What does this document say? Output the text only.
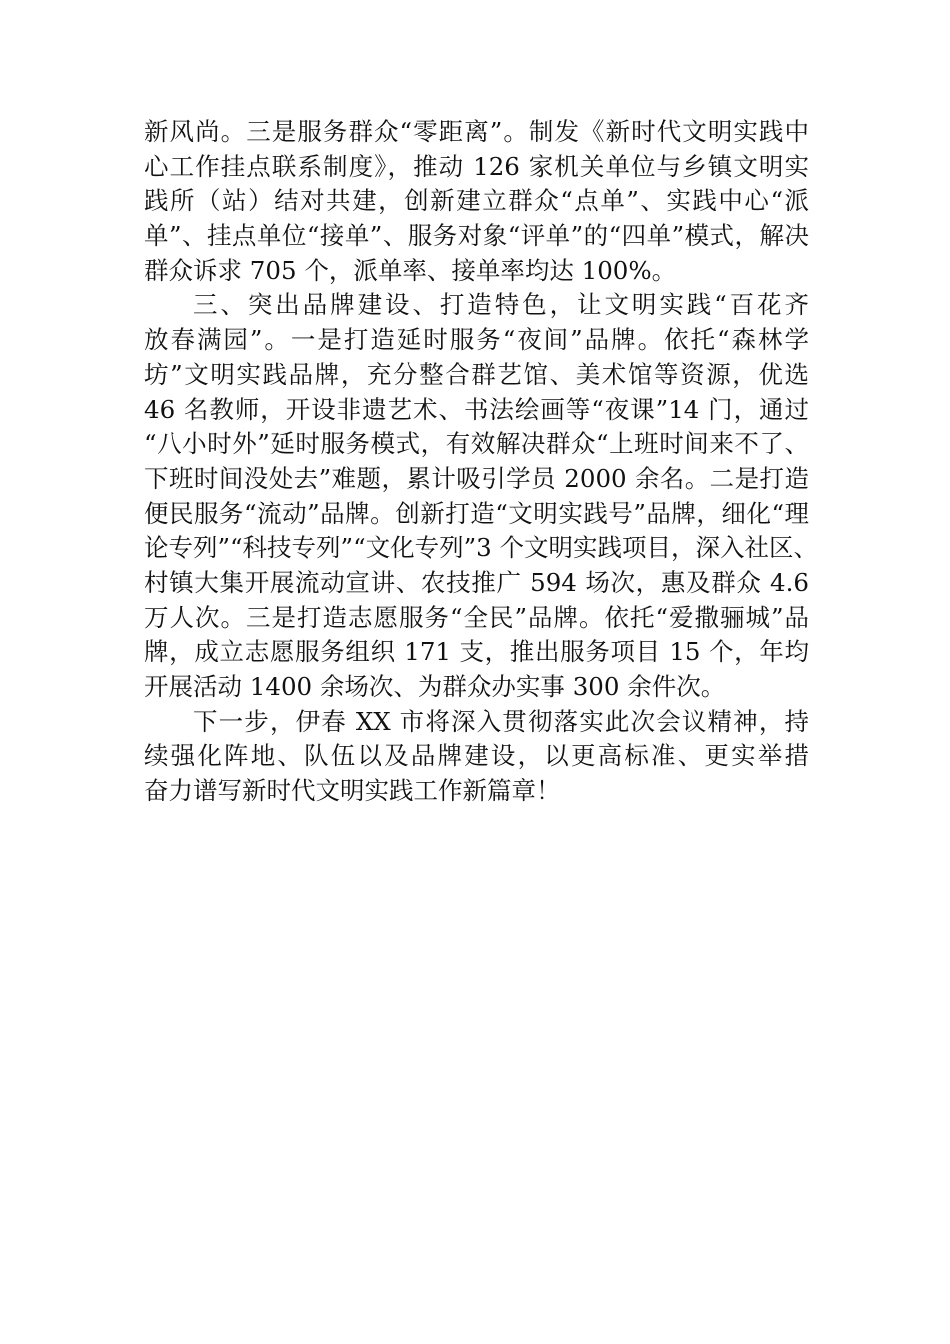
新风尚。三是服务群众“零距离”。制发《新时代文明实践中
心工作挂点联系制度》，推动 126 家机关单位与乡镇文明实
践所（站）结对共建，创新建立群众“点单”、实践中心“派
单”、挂点单位“接单”、服务对象“评单”的“四单”模式，解决
群众诉求 705 个，派单率、接单率均达 100%。
三、突出品牌建设、打造特色，让文明实践“百花齐
放春满园”。一是打造延时服务“夜间”品牌。依托“森林学
坊”文明实践品牌，充分整合群艺馆、美术馆等资源，优选
46 名教师，开设非遗艺术、书法绘画等“夜课”14 门，通过
“八小时外”延时服务模式，有效解决群众“上班时间来不了、
下班时间没处去”难题，累计吸引学员 2000 余名。二是打造
便民服务“流动”品牌。创新打造“文明实践号”品牌，细化“理
论专列”“科技专列”“文化专列”3 个文明实践项目，深入社区、
村镇大集开展流动宣讲、农技推广 594 场次，惠及群众 4.6
万人次。三是打造志愿服务“全民”品牌。依托“爱撒骊城”品
牌，成立志愿服务组织 171 支，推出服务项目 15 个，年均
开展活动 1400 余场次、为群众办实事 300 余件次。
下一步，伊春 XX 市将深入贯彻落实此次会议精神，持
续强化阵地、队伍以及品牌建设，以更高标准、更实举措
奋力谱写新时代文明实践工作新篇章！
